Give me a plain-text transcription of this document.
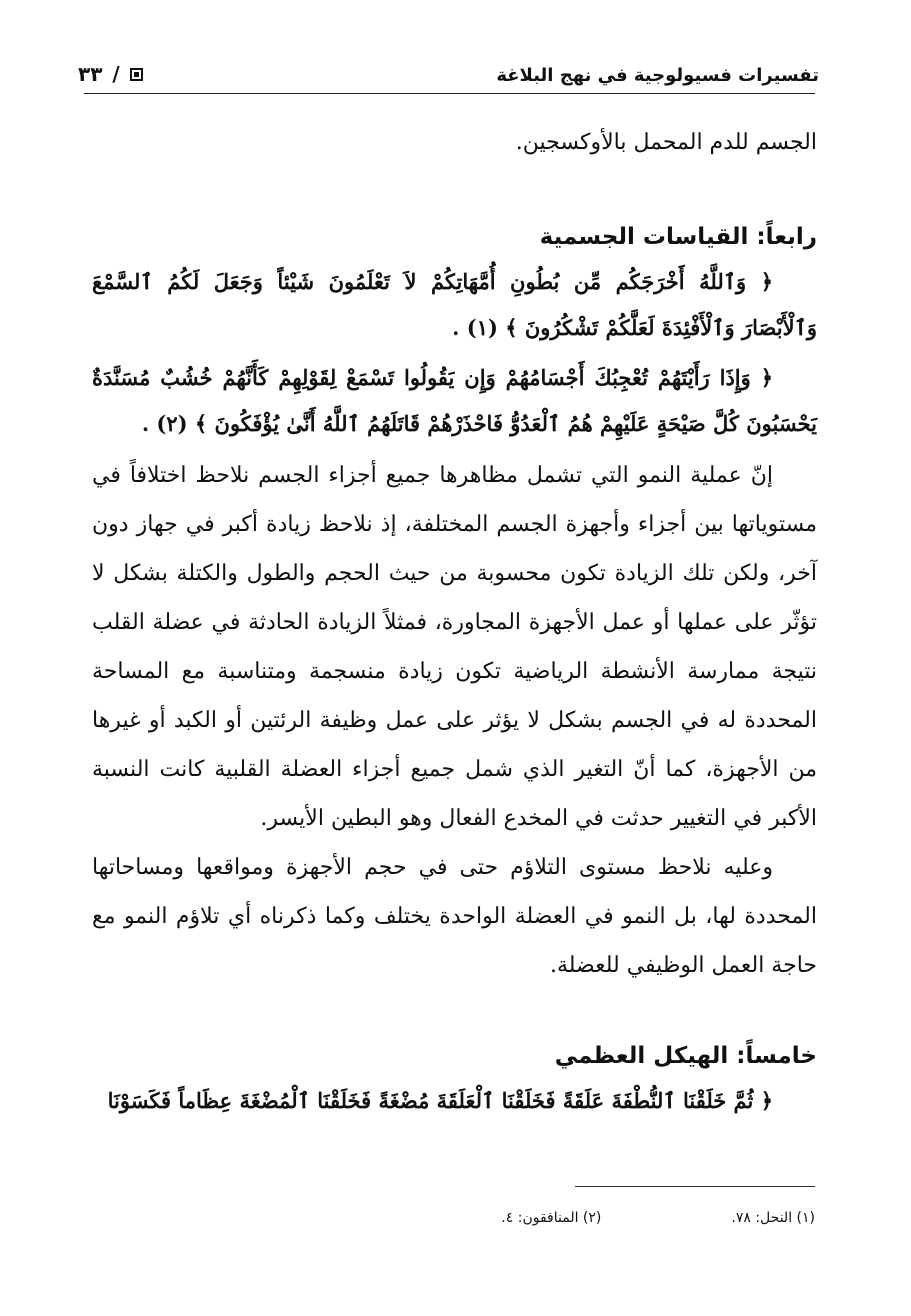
تفسيرات فسيولوجية في نهج البلاغة
٣٣ /

الجسم للدم المحمل بالأوكسجين.

رابعاً: القياسات الجسمية

﴿ وَٱللَّهُ أَخْرَجَكُم مِّن بُطُونِ أُمَّهَاتِكُمْ لاَ تَعْلَمُونَ شَيْئاً وَجَعَلَ لَكُمُ ٱلسَّمْعَ وَٱلْأَبْصَارَ وَٱلْأَفْئِدَةَ لَعَلَّكُمْ تَشْكُرُونَ ﴾ (١) .

﴿ وَإِذَا رَأَيْتَهُمْ تُعْجِبُكَ أَجْسَامُهُمْ وَإِن يَقُولُوا تَسْمَعْ لِقَوْلِهِمْ كَأَنَّهُمْ خُشُبٌ مُسَنَّدَةٌ يَحْسَبُونَ كُلَّ صَيْحَةٍ عَلَيْهِمْ هُمُ ٱلْعَدُوُّ فَاحْذَرْهُمْ قَاتَلَهُمُ ٱللَّهُ أَنَّىٰ يُؤْفَكُونَ ﴾ (٢) .

إنّ عملية النمو التي تشمل مظاهرها جميع أجزاء الجسم نلاحظ اختلافاً في مستوياتها بين أجزاء وأجهزة الجسم المختلفة، إذ نلاحظ زيادة أكبر في جهاز دون آخر، ولكن تلك الزيادة تكون محسوبة من حيث الحجم والطول والكتلة بشكل لا تؤثّر على عملها أو عمل الأجهزة المجاورة، فمثلاً الزيادة الحادثة في عضلة القلب نتيجة ممارسة الأنشطة الرياضية تكون زيادة منسجمة ومتناسبة مع المساحة المحددة له في الجسم بشكل لا يؤثر على عمل وظيفة الرئتين أو الكبد أو غيرها من الأجهزة، كما أنّ التغير الذي شمل جميع أجزاء العضلة القلبية كانت النسبة الأكبر في التغيير حدثت في المخدع الفعال وهو البطين الأيسر.

وعليه نلاحظ مستوى التلاؤم حتى في حجم الأجهزة ومواقعها ومساحاتها المحددة لها، بل النمو في العضلة الواحدة يختلف وكما ذكرناه أي تلاؤم النمو مع حاجة العمل الوظيفي للعضلة.

خامساً: الهيكل العظمي

﴿ ثُمَّ خَلَقْنَا ٱلنُّطْفَةَ عَلَقَةً فَخَلَقْنَا ٱلْعَلَقَةَ مُضْغَةً فَخَلَقْنَا ٱلْمُضْغَةَ عِظَاماً فَكَسَوْنَا

(١) النحل: ٧٨.
(٢) المنافقون: ٤.
